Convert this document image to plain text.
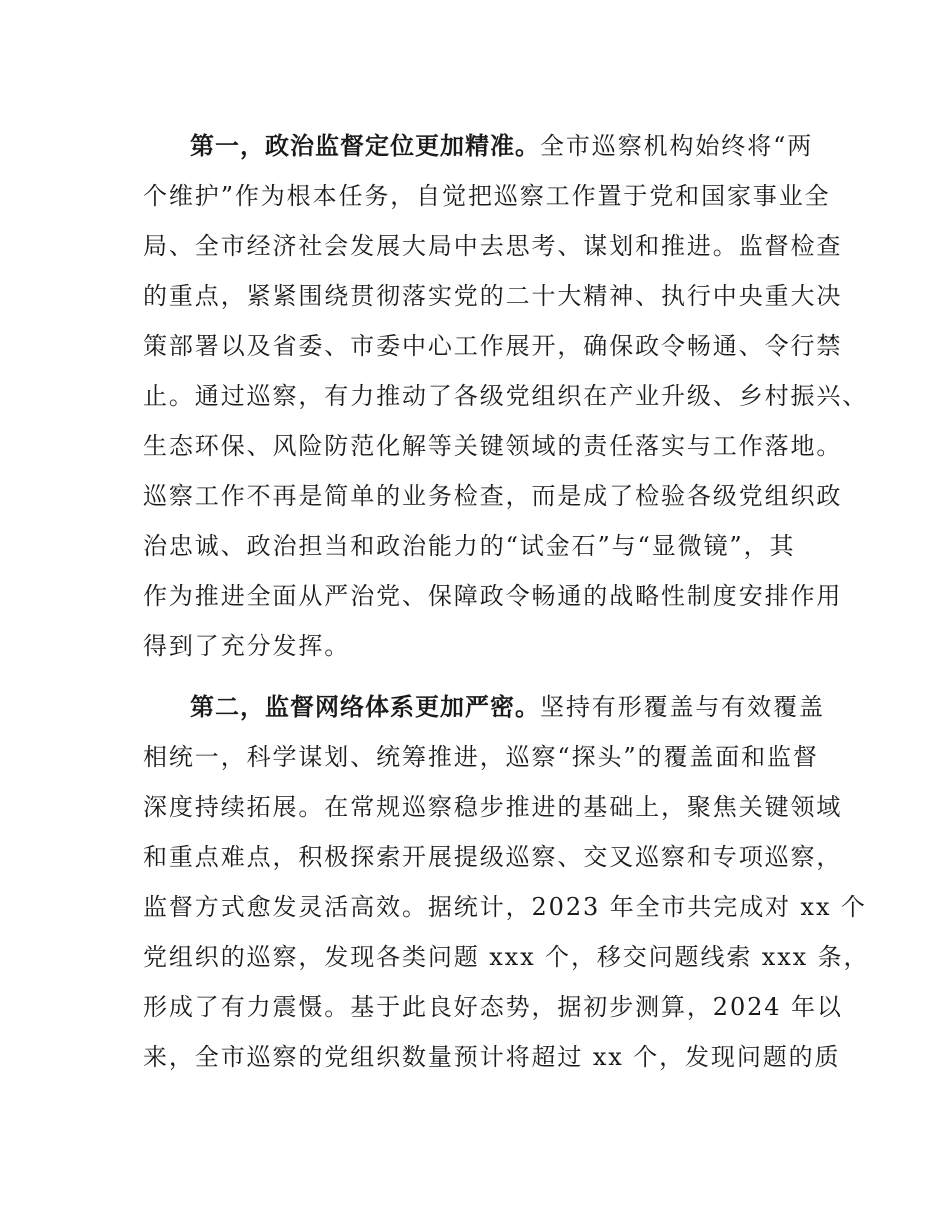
第一，政治监督定位更加精准。全市巡察机构始终将“两
个维护”作为根本任务，自觉把巡察工作置于党和国家事业全
局、全市经济社会发展大局中去思考、谋划和推进。监督检查
的重点，紧紧围绕贯彻落实党的二十大精神、执行中央重大决
策部署以及省委、市委中心工作展开，确保政令畅通、令行禁
止。通过巡察，有力推动了各级党组织在产业升级、乡村振兴、
生态环保、风险防范化解等关键领域的责任落实与工作落地。
巡察工作不再是简单的业务检查，而是成了检验各级党组织政
治忠诚、政治担当和政治能力的“试金石”与“显微镜”，其
作为推进全面从严治党、保障政令畅通的战略性制度安排作用
得到了充分发挥。
第二，监督网络体系更加严密。坚持有形覆盖与有效覆盖
相统一，科学谋划、统筹推进，巡察“探头”的覆盖面和监督
深度持续拓展。在常规巡察稳步推进的基础上，聚焦关键领域
和重点难点，积极探索开展提级巡察、交叉巡察和专项巡察，
监督方式愈发灵活高效。据统计，2023 年全市共完成对 xx 个
党组织的巡察，发现各类问题 xxx 个，移交问题线索 xxx 条，
形成了有力震慑。基于此良好态势，据初步测算，2024 年以
来，全市巡察的党组织数量预计将超过 xx 个，发现问题的质
